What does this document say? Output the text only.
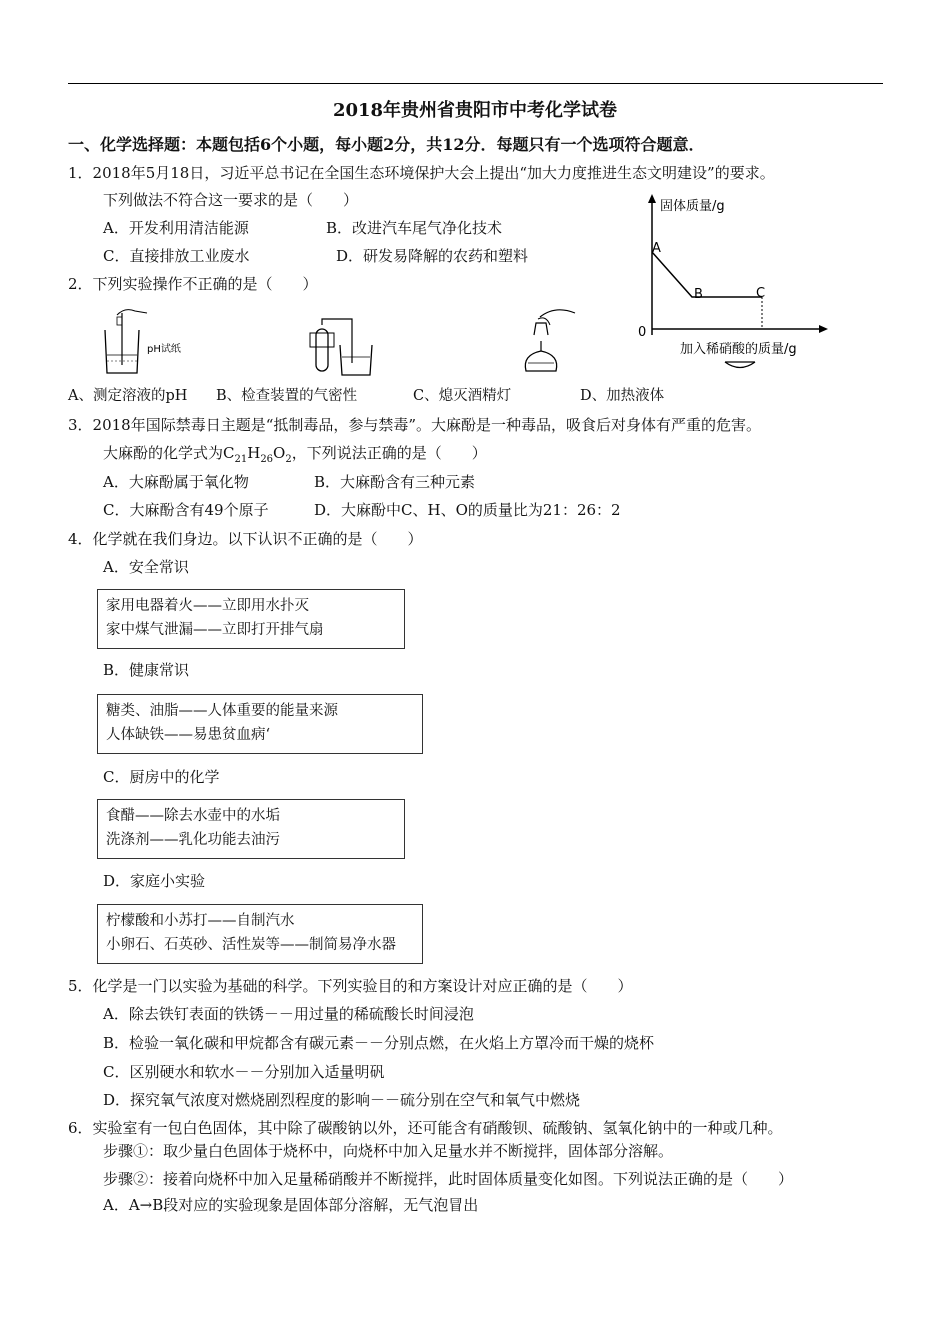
2018年贵州省贵阳市中考化学试卷
一、化学选择题：本题包括6个小题，每小题2分，共12分．每题只有一个选项符合题意．
1．2018年5月18日，习近平总书记在全国生态环境保护大会上提出“加大力度推进生态文明建设”的要求。
下列做法不符合这一要求的是（　　）
A．开发利用清洁能源	B．改进汽车尾气净化技术
C．直接排放工业废水	D．研发易降解的农药和塑料
固体质量/g
A
B	C
0
加入稀硝酸的质量/g
2．下列实验操作不正确的是（　　）
pH试纸
A、测定溶液的pH B、检查装置的气密性	C、熄灭酒精灯	D、加热液体
3．2018年国际禁毒日主题是“抵制毒品，参与禁毒”。大麻酚是一种毒品，吸食后对身体有严重的危害。
大麻酚的化学式为$C_{21}H_{26}O_2$，下列说法正确的是（　　）
A．大麻酚属于氧化物	B．大麻酚含有三种元素
C．大麻酚含有49个原子	D．大麻酚中C、H、O的质量比为21：26：2
4．化学就在我们身边。以下认识不正确的是（　　）
A．安全常识
家用电器着火——立即用水扑灭
家中煤气泄漏——立即打开排气扇
B．健康常识
糖类、油脂——人体重要的能量来源
人体缺铁——易患贫血病‘
C．厨房中的化学
食醋——除去水壶中的水垢
洗涤剂——乳化功能去油污
D．家庭小实验
柠檬酸和小苏打——自制汽水
小卵石、石英砂、活性炭等——制简易净水器
5．化学是一门以实验为基础的科学。下列实验目的和方案设计对应正确的是（　　）
A．除去铁钉表面的铁锈－－用过量的稀硫酸长时间浸泡
B．检验一氧化碳和甲烷都含有碳元素－－分别点燃，在火焰上方罩冷而干燥的烧杯
C．区别硬水和软水－－分别加入适量明矾
D．探究氧气浓度对燃烧剧烈程度的影响－－硫分别在空气和氧气中燃烧
6．实验室有一包白色固体，其中除了碳酸钠以外，还可能含有硝酸钡、硫酸钠、氢氧化钠中的一种或几种。
步骤①：取少量白色固体于烧杯中，向烧杯中加入足量水并不断搅拌，固体部分溶解。
步骤②：接着向烧杯中加入足量稀硝酸并不断搅拌，此时固体质量变化如图。下列说法正确的是（　　）
A．A→B段对应的实验现象是固体部分溶解，无气泡冒出
